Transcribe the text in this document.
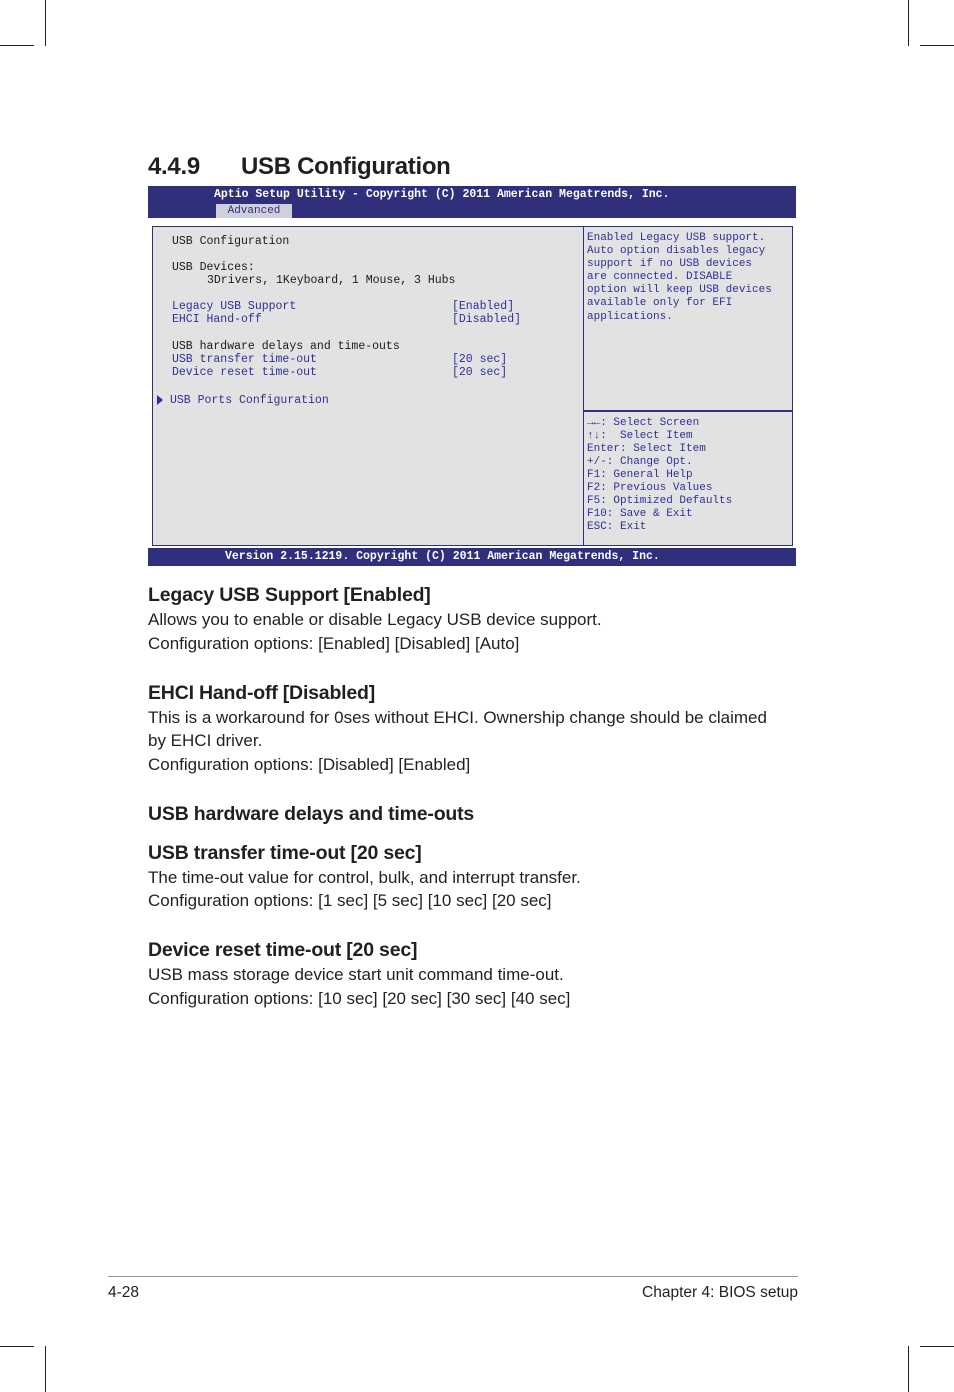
4.4.9 USB Configuration
Aptio Setup Utility - Copyright (C) 2011 American Megatrends, Inc.
Advanced
USB Configuration
USB Devices:
3Drivers, 1Keyboard, 1 Mouse, 3 Hubs
Legacy USB Support	[Enabled]
EHCI Hand-off	[Disabled]
USB hardware delays and time-outs
USB transfer time-out	[20 sec]
Device reset time-out	[20 sec]
USB Ports Configuration
Enabled Legacy USB support.
Auto option disables legacy
support if no USB devices
are connected. DISABLE
option will keep USB devices
available only for EFI
applications.
→←: Select Screen
↑↓:  Select Item
Enter: Select Item
+/-: Change Opt.
F1: General Help
F2: Previous Values
F5: Optimized Defaults
F10: Save & Exit
ESC: Exit
Version 2.15.1219. Copyright (C) 2011 American Megatrends, Inc.
Legacy USB Support [Enabled]

Allows you to enable or disable Legacy USB device support.

Configuration options: [Enabled] [Disabled] [Auto]

EHCI Hand-off [Disabled]

This is a workaround for 0ses without EHCI. Ownership change should be claimed

by EHCI driver.

Configuration options: [Disabled] [Enabled]

USB hardware delays and time-outs
USB transfer time-out [20 sec]

The time-out value for control, bulk, and interrupt transfer.

Configuration options: [1 sec] [5 sec] [10 sec] [20 sec]

Device reset time-out [20 sec]

USB mass storage device start unit command time-out.

Configuration options: [10 sec] [20 sec] [30 sec] [40 sec]

4-28	Chapter 4: BIOS setup
